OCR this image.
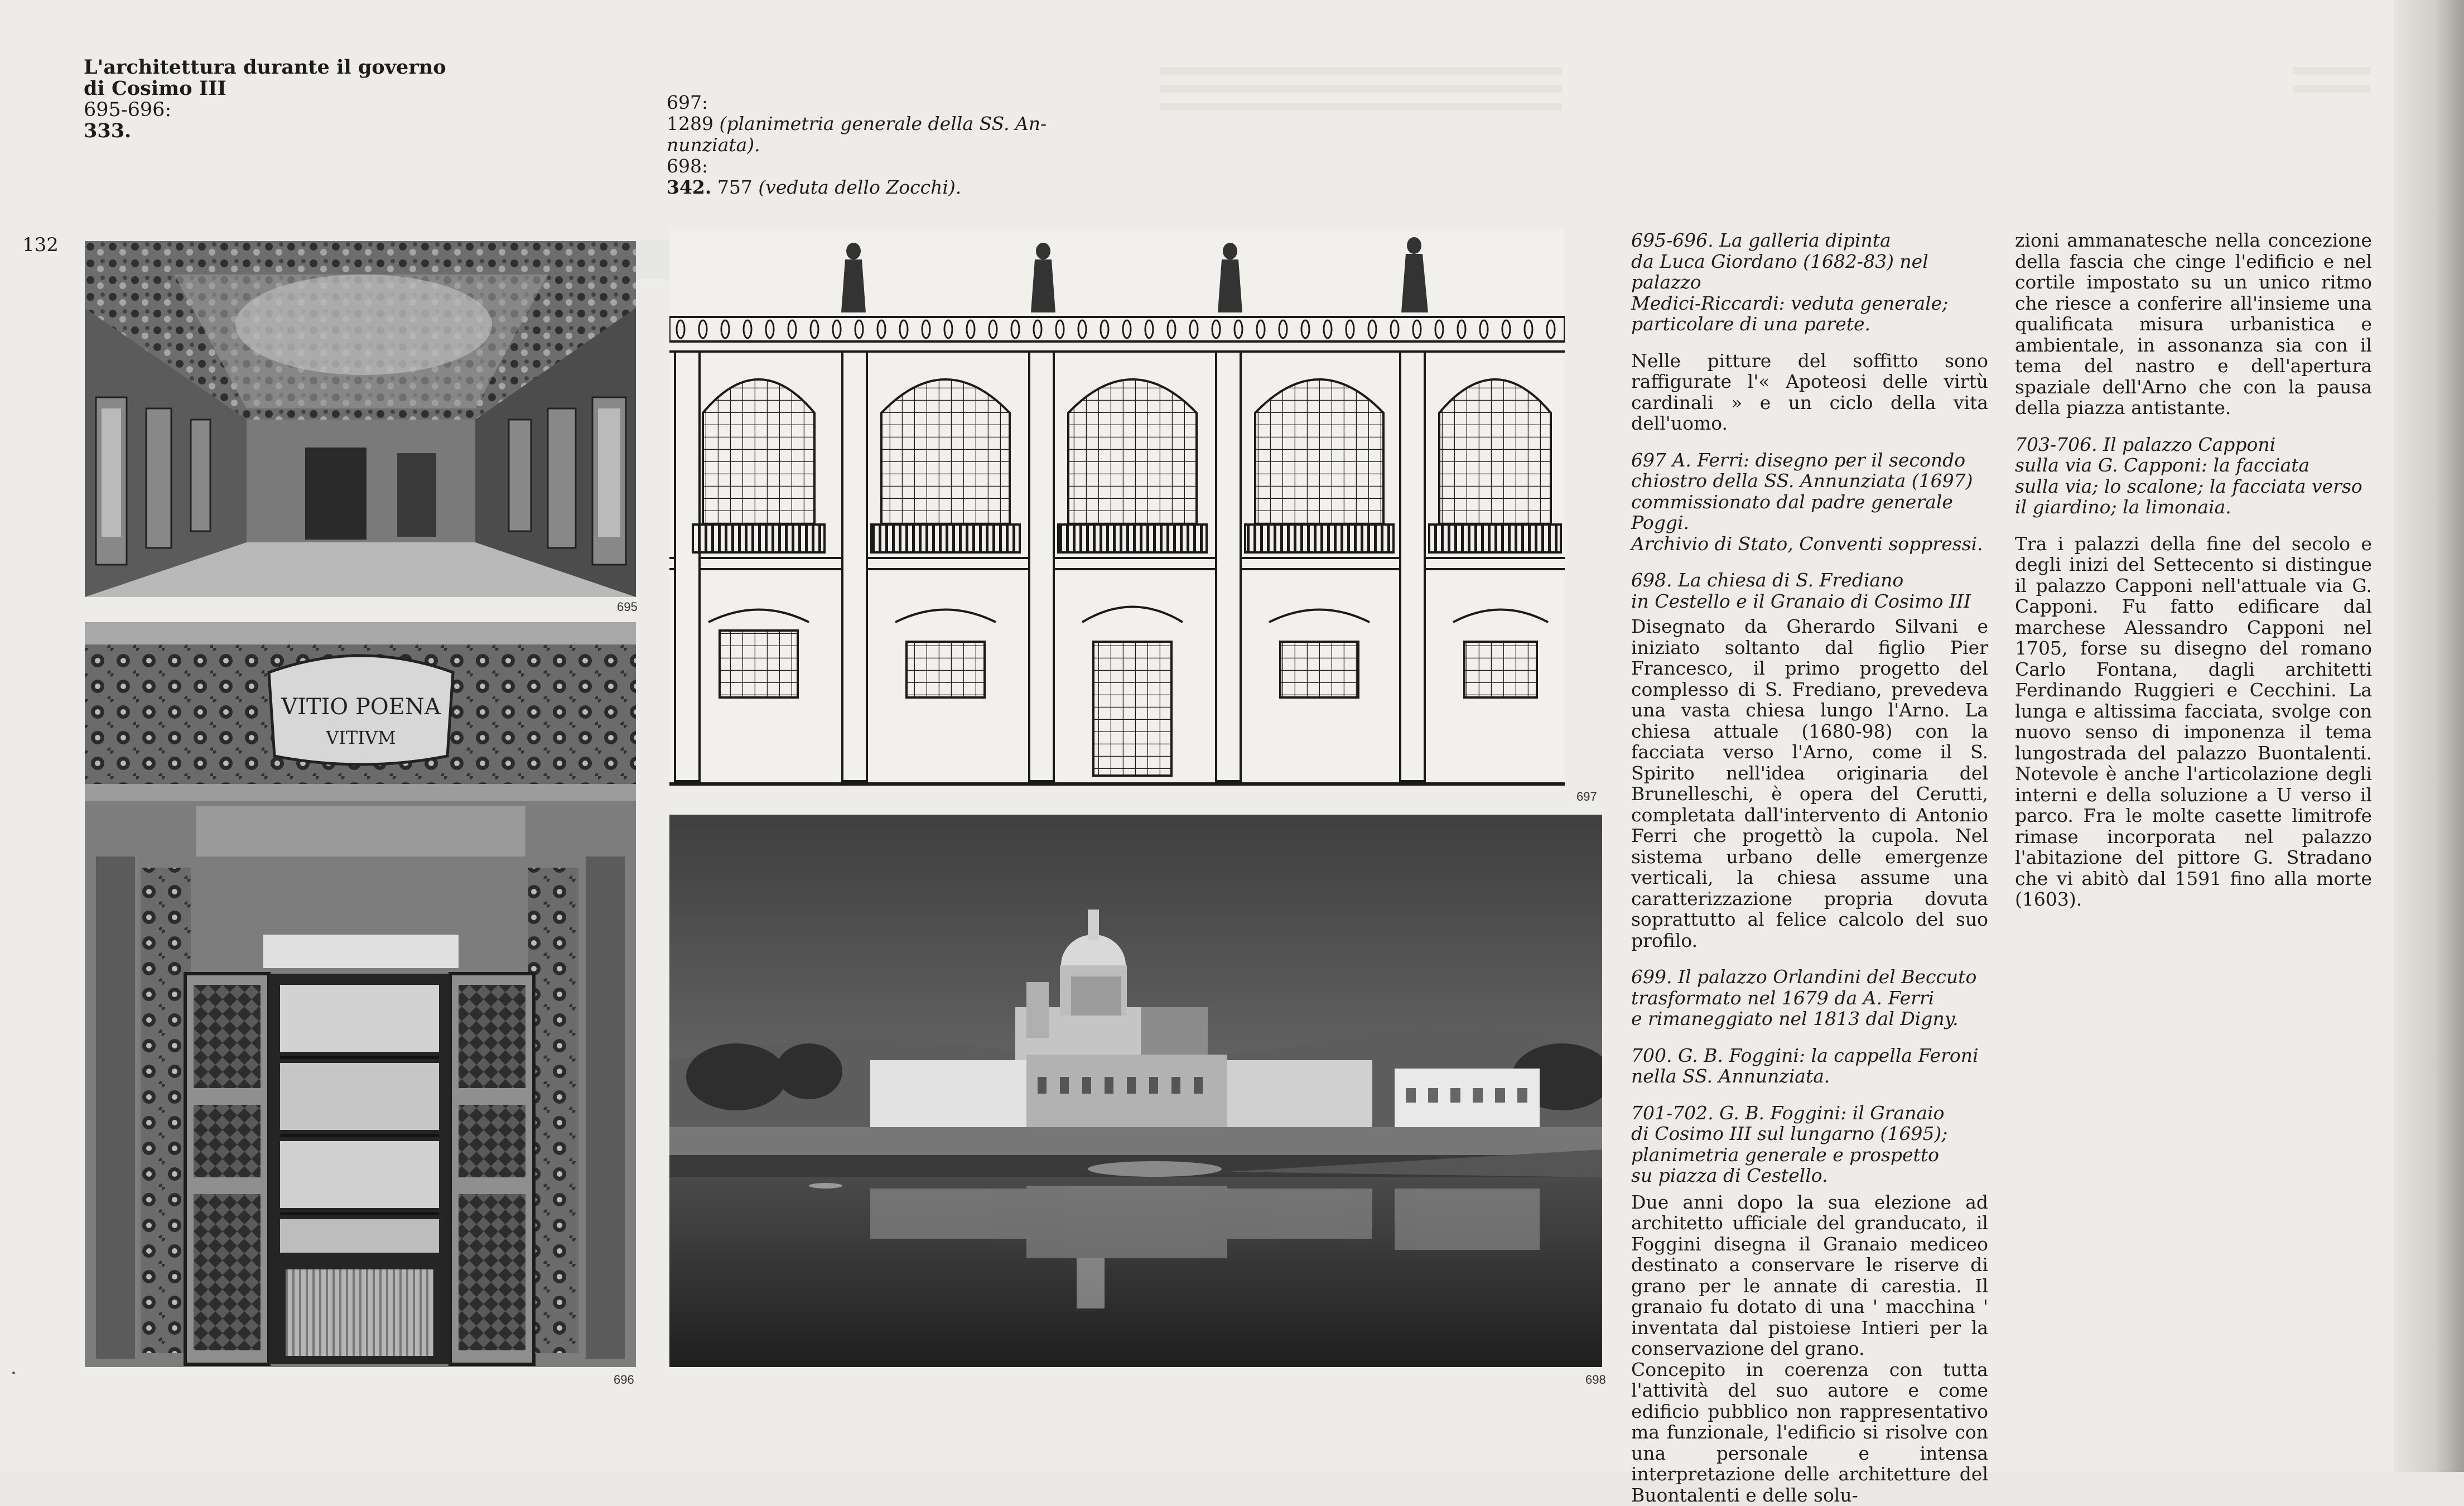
L'architettura durante il governo
di Cosimo III
695-696:
333.
697:
1289 (planimetria generale della SS. An-
nunziata).
698:
342. 757 (veduta dello Zocchi).
132
695
VITIO POENA
VITIVM
696
697
698

695-696. La galleria dipinta
da Luca Giordano (1682-83) nel palazzo
Medici-Riccardi: veduta generale;
particolare di una parete.

Nelle pitture del soffitto sono raffigurate l'« Apoteosi delle virtù cardinali » e un ciclo della vita dell'uomo.

697 A. Ferri: disegno per il secondo
chiostro della SS. Annunziata (1697)
commissionato dal padre generale Poggi.
Archivio di Stato, Conventi soppressi.

698. La chiesa di S. Frediano
in Cestello e il Granaio di Cosimo III

Disegnato da Gherardo Silvani e iniziato soltanto dal figlio Pier Francesco, il primo progetto del complesso di S. Frediano, prevedeva una vasta chiesa lungo l'Arno. La chiesa attuale (1680-98) con la facciata verso l'Arno, come il S. Spirito nell'idea originaria del Brunelleschi, è opera del Cerutti, completata dall'intervento di Antonio Ferri che progettò la cupola. Nel sistema urbano delle emergenze verticali, la chiesa assume una caratterizzazione propria dovuta soprattutto al felice calcolo del suo profilo.

699. Il palazzo Orlandini del Beccuto
trasformato nel 1679 da A. Ferri
e rimaneggiato nel 1813 dal Digny.

700. G. B. Foggini: la cappella Feroni
nella SS. Annunziata.

701-702. G. B. Foggini: il Granaio
di Cosimo III sul lungarno (1695);
planimetria generale e prospetto
su piazza di Cestello.

Due anni dopo la sua elezione ad architetto ufficiale del granducato, il Foggini disegna il Granaio mediceo destinato a conservare le riserve di grano per le annate di carestia. Il granaio fu dotato di una ' macchina ' inventata dal pistoiese Intieri per la conservazione del grano.

Concepito in coerenza con tutta l'attività del suo autore e come edificio pubblico non rappresentativo ma funzionale, l'edificio si risolve con una personale e intensa interpretazione delle architetture del Buontalenti e delle solu-

zioni ammanatesche nella concezione della fascia che cinge l'edificio e nel cortile impostato su un unico ritmo che riesce a conferire all'insieme una qualificata misura urbanistica e ambientale, in assonanza sia con il tema del nastro e dell'apertura spaziale dell'Arno che con la pausa della piazza antistante.

703-706. Il palazzo Capponi
sulla via G. Capponi: la facciata
sulla via; lo scalone; la facciata verso
il giardino; la limonaia.

Tra i palazzi della fine del secolo e degli inizi del Settecento si distingue il palazzo Capponi nell'attuale via G. Capponi. Fu fatto edificare dal marchese Alessandro Capponi nel 1705, forse su disegno del romano Carlo Fontana, dagli architetti Ferdinando Ruggieri e Cecchini. La lunga e altissima facciata, svolge con nuovo senso di imponenza il tema lungostrada del palazzo Buontalenti. Notevole è anche l'articolazione degli interni e della soluzione a U verso il parco. Fra le molte casette limitrofe rimase incorporata nel palazzo l'abitazione del pittore G. Stradano che vi abitò dal 1591 fino alla morte (1603).
